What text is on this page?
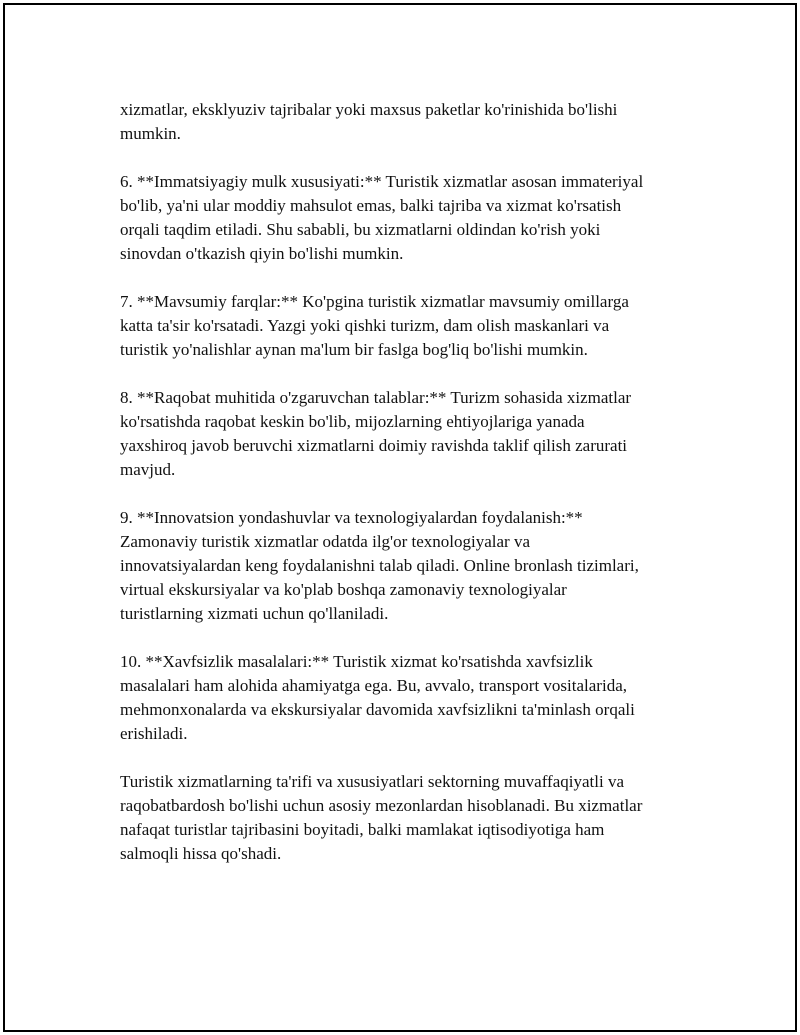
xizmatlar, eksklyuziv tajribalar yoki maxsus paketlar ko'rinishida bo'lishi
mumkin.

6. **Immatsiyagiy mulk xususiyati:** Turistik xizmatlar asosan immateriyal
bo'lib, ya'ni ular moddiy mahsulot emas, balki tajriba va xizmat ko'rsatish
orqali taqdim etiladi. Shu sababli, bu xizmatlarni oldindan ko'rish yoki
sinovdan o'tkazish qiyin bo'lishi mumkin.

7. **Mavsumiy farqlar:** Ko'pgina turistik xizmatlar mavsumiy omillarga
katta ta'sir ko'rsatadi. Yazgi yoki qishki turizm, dam olish maskanlari va
turistik yo'nalishlar aynan ma'lum bir faslga bog'liq bo'lishi mumkin.

8. **Raqobat muhitida o'zgaruvchan talablar:** Turizm sohasida xizmatlar
ko'rsatishda raqobat keskin bo'lib, mijozlarning ehtiyojlariga yanada
yaxshiroq javob beruvchi xizmatlarni doimiy ravishda taklif qilish zarurati
mavjud.

9. **Innovatsion yondashuvlar va texnologiyalardan foydalanish:**
Zamonaviy turistik xizmatlar odatda ilg'or texnologiyalar va
innovatsiyalardan keng foydalanishni talab qiladi. Online bronlash tizimlari,
virtual ekskursiyalar va ko'plab boshqa zamonaviy texnologiyalar
turistlarning xizmati uchun qo'llaniladi.

10. **Xavfsizlik masalalari:** Turistik xizmat ko'rsatishda xavfsizlik
masalalari ham alohida ahamiyatga ega. Bu, avvalo, transport vositalarida,
mehmonxonalarda va ekskursiyalar davomida xavfsizlikni ta'minlash orqali
erishiladi.

Turistik xizmatlarning ta'rifi va xususiyatlari sektorning muvaffaqiyatli va
raqobatbardosh bo'lishi uchun asosiy mezonlardan hisoblanadi. Bu xizmatlar
nafaqat turistlar tajribasini boyitadi, balki mamlakat iqtisodiyotiga ham
salmoqli hissa qo'shadi.
